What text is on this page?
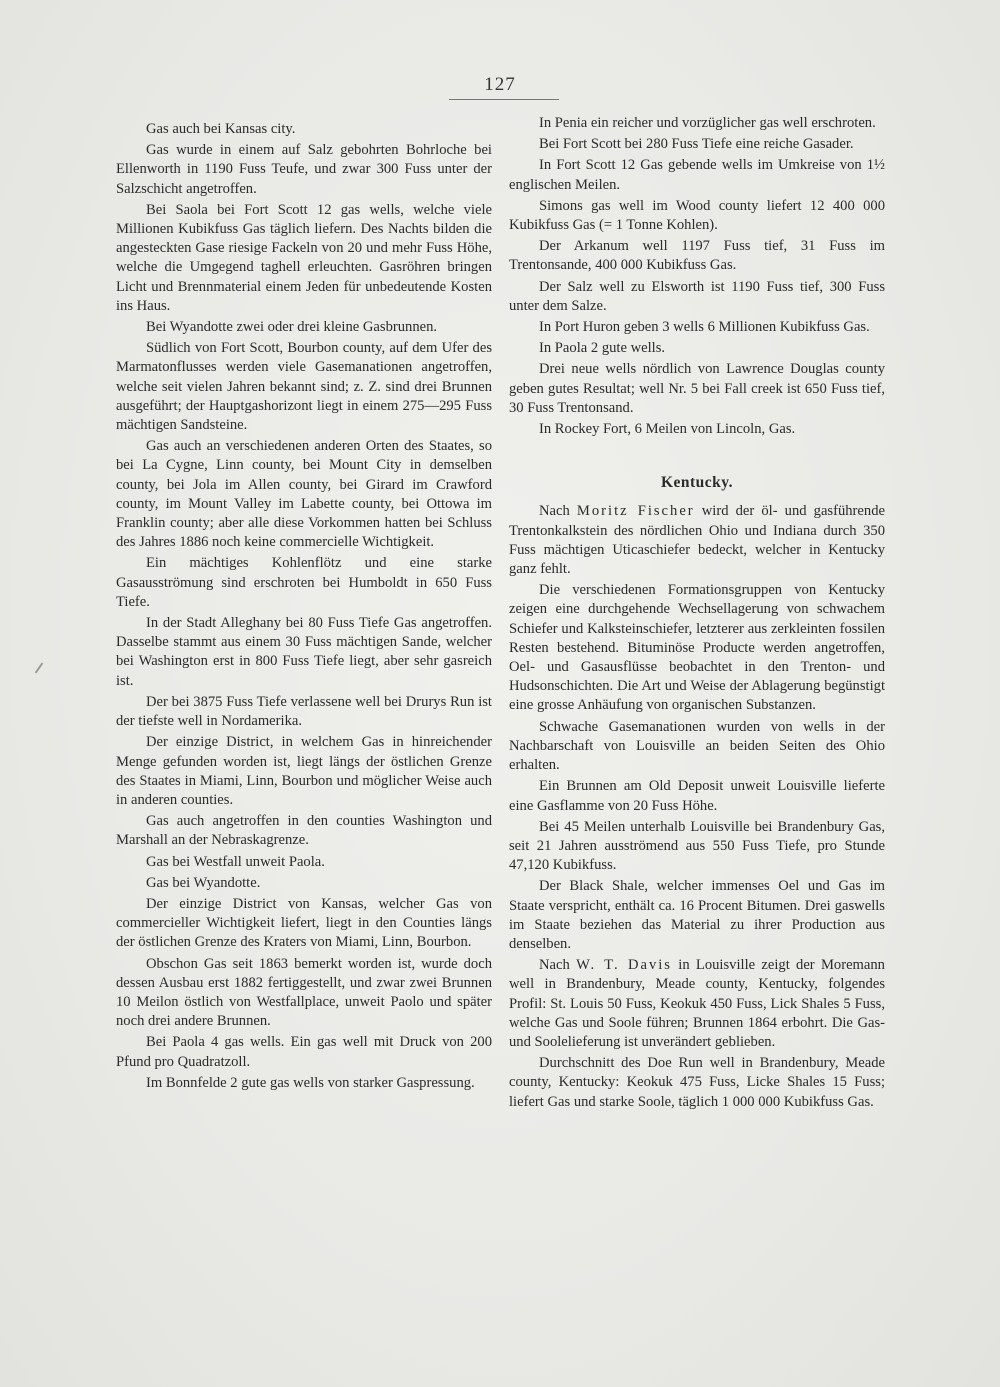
127

Gas auch bei Kansas city.

Gas wurde in einem auf Salz gebohrten Bohrloche bei Ellenworth in 1190 Fuss Teufe, und zwar 300 Fuss unter der Salzschicht angetroffen.

Bei Saola bei Fort Scott 12 gas wells, welche viele Millionen Kubikfuss Gas täglich liefern. Des Nachts bilden die angesteckten Gase riesige Fackeln von 20 und mehr Fuss Höhe, welche die Umgegend taghell erleuchten. Gasröhren bringen Licht und Brennmaterial einem Jeden für unbedeutende Kosten ins Haus.

Bei Wyandotte zwei oder drei kleine Gasbrunnen.

Südlich von Fort Scott, Bourbon county, auf dem Ufer des Marmatonflusses werden viele Gasemanationen angetroffen, welche seit vielen Jahren bekannt sind; z. Z. sind drei Brunnen ausgeführt; der Hauptgashorizont liegt in einem 275—295 Fuss mächtigen Sandsteine.

Gas auch an verschiedenen anderen Orten des Staates, so bei La Cygne, Linn county, bei Mount City in demselben county, bei Jola im Allen county, bei Girard im Crawford county, im Mount Valley im Labette county, bei Ottowa im Franklin county; aber alle diese Vorkommen hatten bei Schluss des Jahres 1886 noch keine commercielle Wichtigkeit.

Ein mächtiges Kohlenflötz und eine starke Gasausströmung sind erschroten bei Humboldt in 650 Fuss Tiefe.

In der Stadt Alleghany bei 80 Fuss Tiefe Gas angetroffen. Dasselbe stammt aus einem 30 Fuss mächtigen Sande, welcher bei Washington erst in 800 Fuss Tiefe liegt, aber sehr gasreich ist.

Der bei 3875 Fuss Tiefe verlassene well bei Drurys Run ist der tiefste well in Nordamerika.

Der einzige District, in welchem Gas in hinreichender Menge gefunden worden ist, liegt längs der östlichen Grenze des Staates in Miami, Linn, Bourbon und möglicher Weise auch in anderen counties.

Gas auch angetroffen in den counties Washington und Marshall an der Nebraskagrenze.

Gas bei Westfall unweit Paola.

Gas bei Wyandotte.

Der einzige District von Kansas, welcher Gas von commercieller Wichtigkeit liefert, liegt in den Counties längs der östlichen Grenze des Kraters von Miami, Linn, Bourbon.

Obschon Gas seit 1863 bemerkt worden ist, wurde doch dessen Ausbau erst 1882 fertiggestellt, und zwar zwei Brunnen 10 Meilon östlich von Westfallplace, unweit Paolo und später noch drei andere Brunnen.

Bei Paola 4 gas wells. Ein gas well mit Druck von 200 Pfund pro Quadratzoll.

Im Bonnfelde 2 gute gas wells von starker Gaspressung.

In Penia ein reicher und vorzüglicher gas well erschroten.

Bei Fort Scott bei 280 Fuss Tiefe eine reiche Gasader.

In Fort Scott 12 Gas gebende wells im Umkreise von 1½ englischen Meilen.

Simons gas well im Wood county liefert 12 400 000 Kubikfuss Gas (= 1 Tonne Kohlen).

Der Arkanum well 1197 Fuss tief, 31 Fuss im Trentonsande, 400 000 Kubikfuss Gas.

Der Salz well zu Elsworth ist 1190 Fuss tief, 300 Fuss unter dem Salze.

In Port Huron geben 3 wells 6 Millionen Kubikfuss Gas.

In Paola 2 gute wells.

Drei neue wells nördlich von Lawrence Douglas county geben gutes Resultat; well Nr. 5 bei Fall creek ist 650 Fuss tief, 30 Fuss Trentonsand.

In Rockey Fort, 6 Meilen von Lincoln, Gas.

Kentucky.

Nach Moritz Fischer wird der öl- und gasführende Trentonkalkstein des nördlichen Ohio und Indiana durch 350 Fuss mächtigen Uticaschiefer bedeckt, welcher in Kentucky ganz fehlt.

Die verschiedenen Formationsgruppen von Kentucky zeigen eine durchgehende Wechsellagerung von schwachem Schiefer und Kalksteinschiefer, letzterer aus zerkleinten fossilen Resten bestehend. Bituminöse Producte werden angetroffen, Oel- und Gasausflüsse beobachtet in den Trenton- und Hudsonschichten. Die Art und Weise der Ablagerung begünstigt eine grosse Anhäufung von organischen Substanzen.

Schwache Gasemanationen wurden von wells in der Nachbarschaft von Louisville an beiden Seiten des Ohio erhalten.

Ein Brunnen am Old Deposit unweit Louisville lieferte eine Gasflamme von 20 Fuss Höhe.

Bei 45 Meilen unterhalb Louisville bei Brandenbury Gas, seit 21 Jahren ausströmend aus 550 Fuss Tiefe, pro Stunde 47,120 Kubikfuss.

Der Black Shale, welcher immenses Oel und Gas im Staate verspricht, enthält ca. 16 Procent Bitumen. Drei gaswells im Staate beziehen das Material zu ihrer Production aus denselben.

Nach W. T. Davis in Louisville zeigt der Moremann well in Brandenbury, Meade county, Kentucky, folgendes Profil: St. Louis 50 Fuss, Keokuk 450 Fuss, Lick Shales 5 Fuss, welche Gas und Soole führen; Brunnen 1864 erbohrt. Die Gas- und Soolelieferung ist unverändert geblieben.

Durchschnitt des Doe Run well in Brandenbury, Meade county, Kentucky: Keokuk 475 Fuss, Licke Shales 15 Fuss; liefert Gas und starke Soole, täglich 1 000 000 Kubikfuss Gas.
